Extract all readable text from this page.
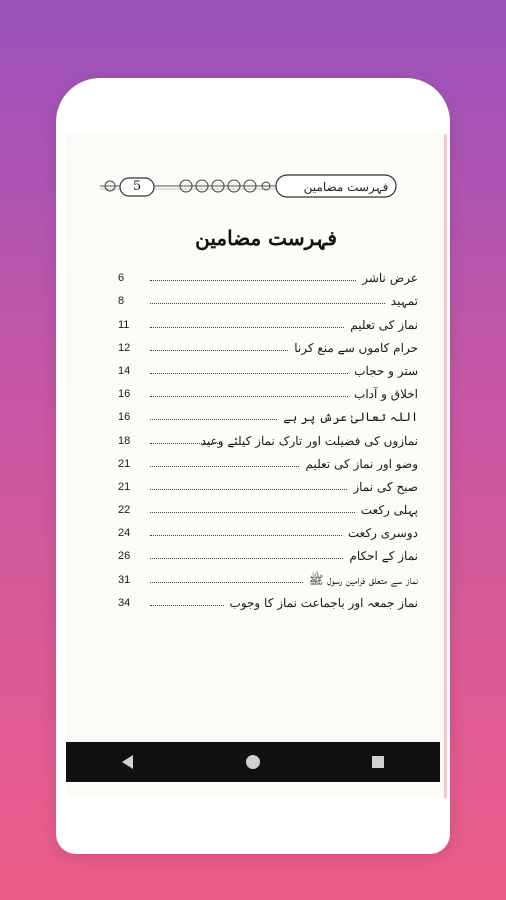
5	فہرست مضامین
فہرست مضامین
6	عرض ناشر
8	تمہید
11	نماز کی تعلیم
12	حرام کاموں سے منع کرنا
14	ستر و حجاب
16	اخلاق و آداب
16	اللہ تعالیٰ عرش پر ہے
18	نمازوں کی فضیلت اور تارک نماز کیلئے وعید
21	وضو اور نماز کی تعلیم
21	صبح کی نماز
22	پہلی رکعت
24	دوسری رکعت
26	نماز کے احکام
31	نماز سے متعلق فرامین رسول ﷺ
34	نماز جمعہ اور باجماعت نماز کا وجوب
